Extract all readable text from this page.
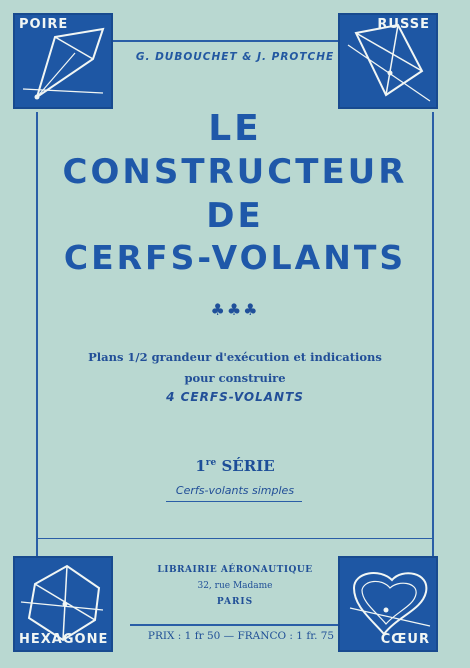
POIRE	RUSSE
HEXAGONE	CŒUR
G. DUBOUCHET & J. PROTCHE
LE
CONSTRUCTEUR
DE
CERFS-VOLANTS
♣♣♣
Plans 1/2 grandeur d'exécution et indications
pour construire
4 CERFS-VOLANTS
1re SÉRIE
Cerfs-volants simples
LIBRAIRIE AÉRONAUTIQUE
32, rue Madame
PARIS
PRIX : 1 fr 50 — FRANCO : 1 fr. 75
